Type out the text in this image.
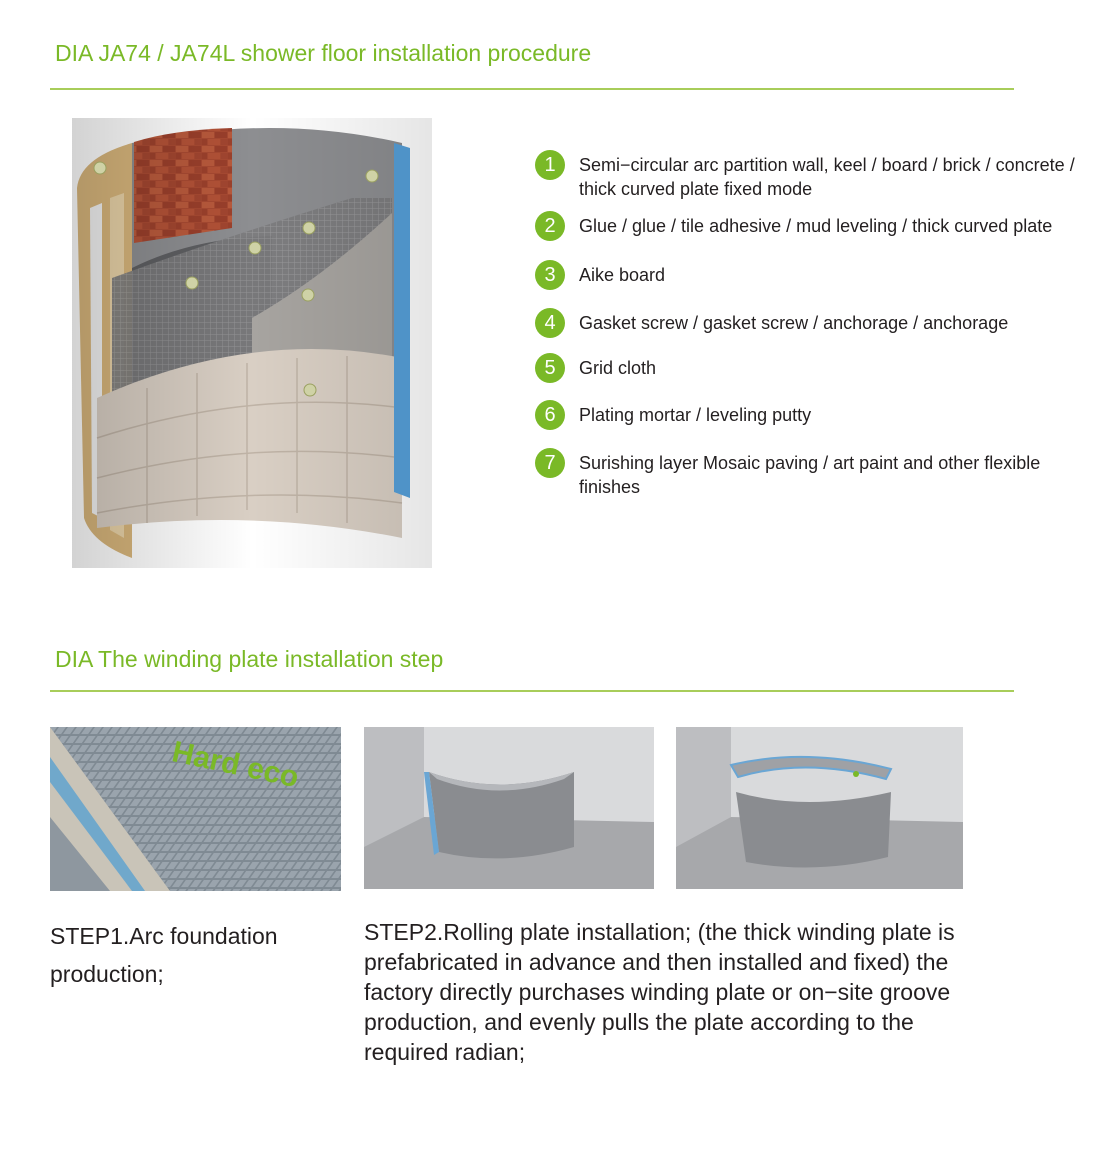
DIA JA74 / JA74L shower floor installation procedure
1	Semi−circular arc partition wall, keel / board / brick / concrete / thick curved plate fixed mode
2	Glue / glue / tile adhesive / mud leveling / thick curved plate
3	Aike board
4	Gasket screw / gasket screw / anchorage / anchorage
5	Grid cloth
6	Plating mortar / leveling putty
7	Surishing layer Mosaic paving / art paint and other flexible finishes
DIA The winding plate installation step
Hard eco
STEP1.Arc foundation production;
STEP2.Rolling plate installation; (the thick winding plate is prefabricated in advance and then installed and fixed) the factory directly purchases winding plate or on−site groove production, and evenly pulls the plate according to the required radian;
